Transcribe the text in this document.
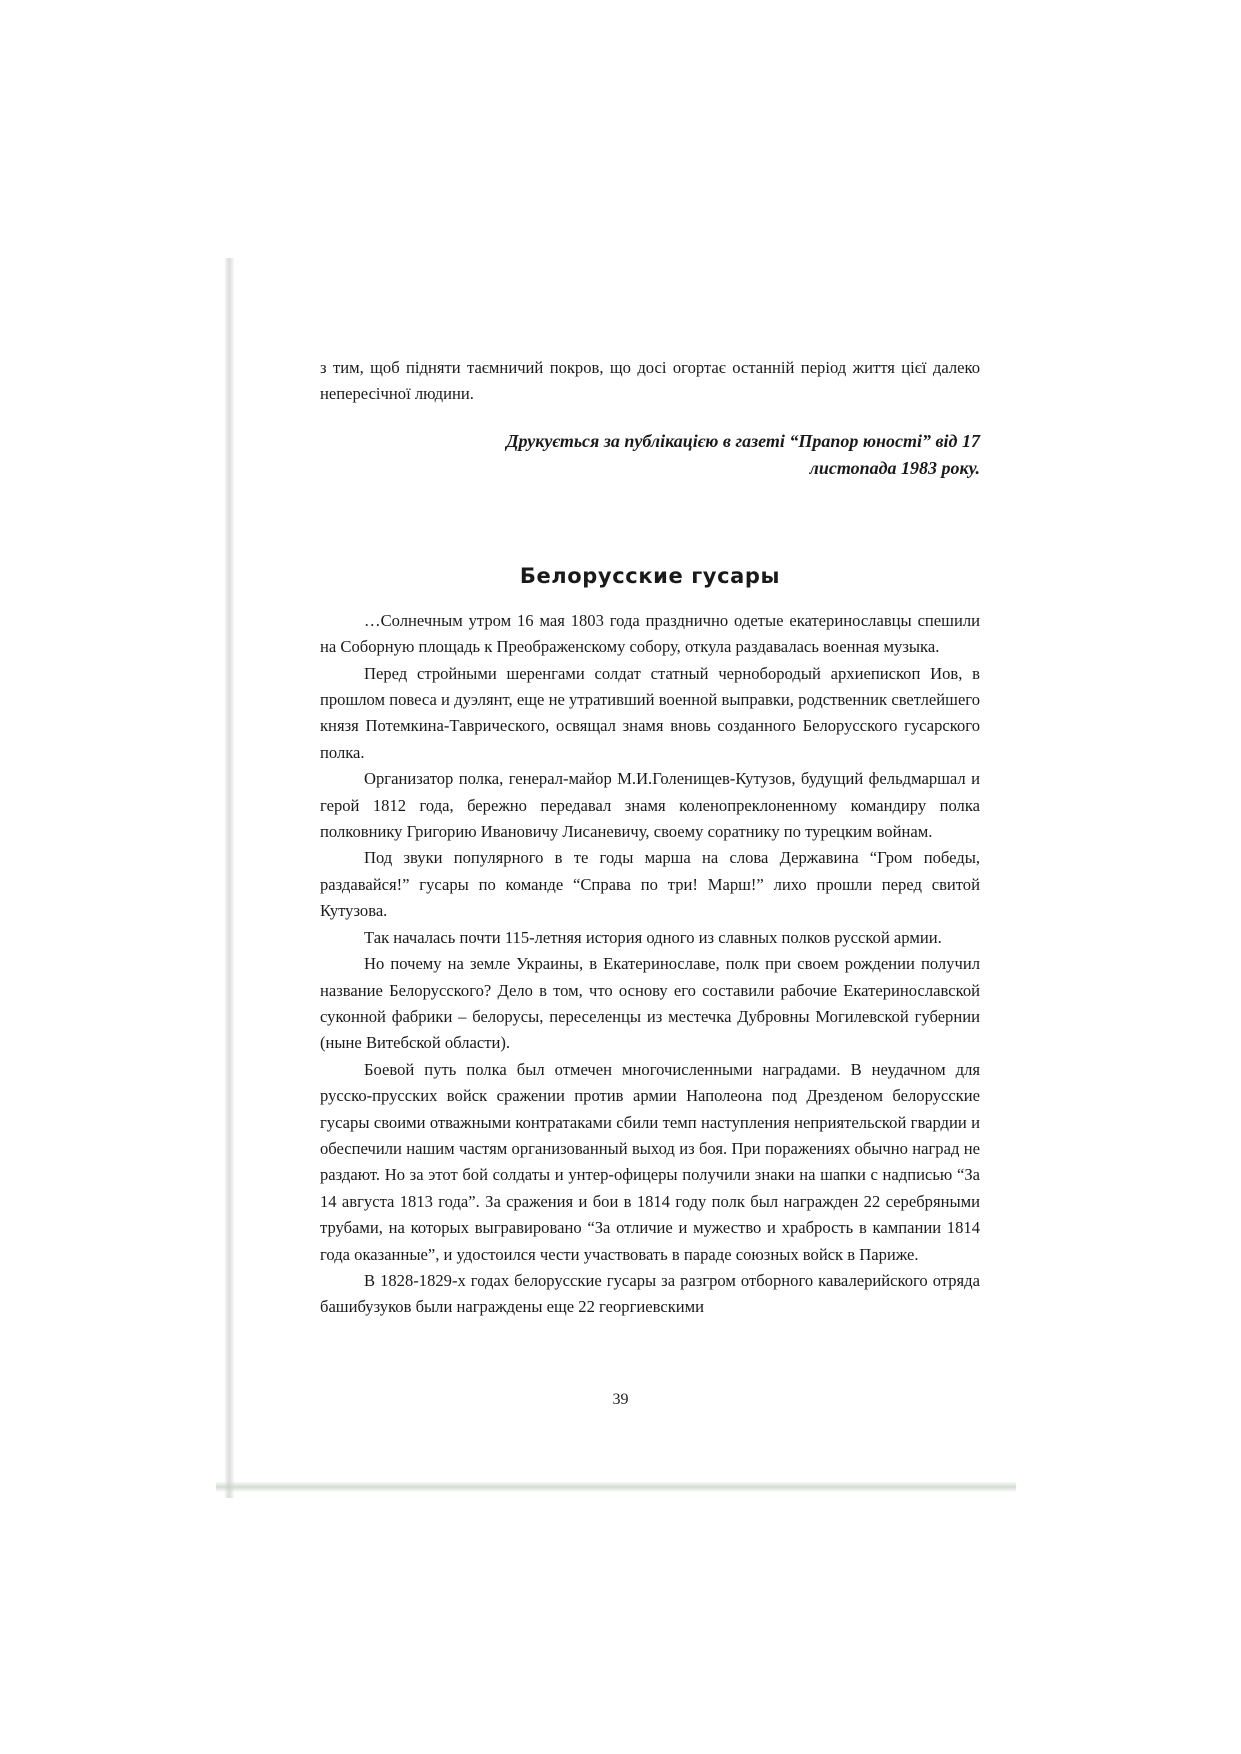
з тим, щоб підняти таємничий покров, що досі огортає останній період життя цієї далеко непересічної людини.

Друкується за публікацією в газеті “Прапор юності” від 17
листопада 1983 року.
Белорусские гусары

…Солнечным утром 16 мая 1803 года празднично одетые екатеринославцы спешили на Соборную площадь к Преображенскому собору, откула раздавалась военная музыка.

Перед стройными шеренгами солдат статный чернобородый архиепископ Иов, в прошлом повеса и дуэлянт, еще не утративший военной выправки, родственник светлейшего князя Потемкина-Таврического, освящал знамя вновь созданного Белорусского гусарского полка.

Организатор полка, генерал-майор М.И.Голенищев-Кутузов, будущий фельдмаршал и герой 1812 года, бережно передавал знамя коленопреклоненному командиру полка полковнику Григорию Ивановичу Лисаневичу, своему соратнику по турецким войнам.

Под звуки популярного в те годы марша на слова Державина “Гром победы, раздавайся!” гусары по команде “Справа по три! Марш!” лихо прошли перед свитой Кутузова.

Так началась почти 115-летняя история одного из славных полков русской армии.

Но почему на земле Украины, в Екатеринославе, полк при своем рождении получил название Белорусского? Дело в том, что основу его составили рабочие Екатеринославской суконной фабрики – белорусы, переселенцы из местечка Дубровны Могилевской губернии (ныне Витебской области).

Боевой путь полка был отмечен многочисленными наградами. В неудачном для русско-прусских войск сражении против армии Наполеона под Дрезденом белорусские гусары своими отважными контратаками сбили темп наступления неприятельской гвардии и обеспечили нашим частям организованный выход из боя. При поражениях обычно наград не раздают. Но за этот бой солдаты и унтер-офицеры получили знаки на шапки с надписью “За 14 августа 1813 года”. За сражения и бои в 1814 году полк был награжден 22 серебряными трубами, на которых выгравировано “За отличие и мужество и храбрость в кампании 1814 года оказанные”, и удостоился чести участвовать в параде союзных войск в Париже.

В 1828-1829-х годах белорусские гусары за разгром отборного кавалерийского отряда башибузуков были награждены еще 22 георгиевскими

39
